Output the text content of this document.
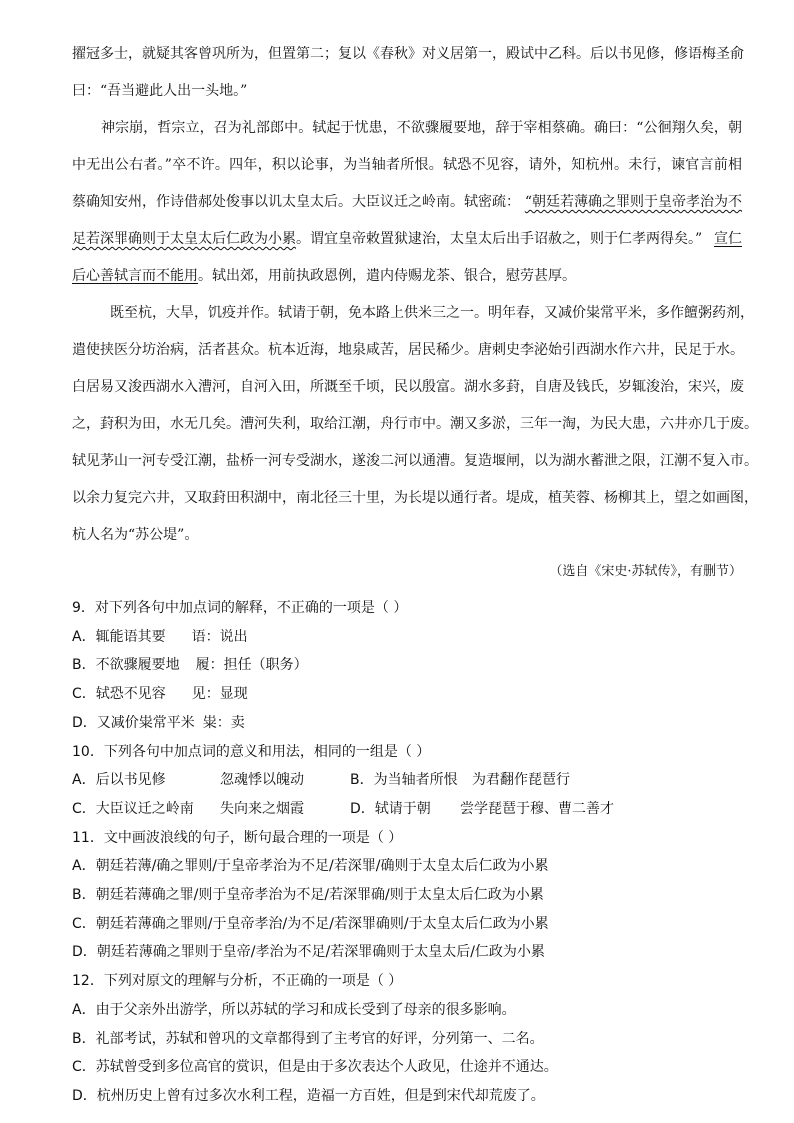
擢冠多士，就疑其客曾巩所为，但置第二；复以《春秋》对义居第一，殿试中乙科。后以书见修，修语梅圣俞
曰：“吾当避此人出一头地。”
神宗崩，哲宗立，召为礼部郎中。轼起于忧患，不欲骤履要地，辞于宰相蔡确。确曰：“公徊翔久矣，朝
中无出公右者。”卒不许。四年，积以论事，为当轴者所恨。轼恐不见容，请外，知杭州。未行，谏官言前相
蔡确知安州，作诗借郝处俊事以讥太皇太后。大臣议迁之岭南。轼密疏： “朝廷若薄确之罪则于皇帝孝治为不
足若深罪确则于太皇太后仁政为小累。谓宜皇帝敕置狱逮治，太皇太后出手诏赦之，则于仁孝两得矣。” 宣仁
后心善轼言而不能用。轼出郊，用前执政恩例，遣内侍赐龙茶、银合，慰劳甚厚。
既至杭，大旱，饥疫并作。轼请于朝，免本路上供米三之一。明年春，又减价粜常平米，多作饘粥药剂，
遣使挟医分坊治病，活者甚众。杭本近海，地泉咸苦，居民稀少。唐刺史李泌始引西湖水作六井，民足于水。
白居易又浚西湖水入漕河，自河入田，所溉至千顷，民以殷富。湖水多葑，自唐及钱氏，岁辄浚治，宋兴，废
之，葑积为田，水无几矣。漕河失利，取给江潮，舟行市中。潮又多淤，三年一淘，为民大患，六井亦几于废。
轼见茅山一河专受江潮，盐桥一河专受湖水，遂浚二河以通漕。复造堰闸，以为湖水蓄泄之限，江潮不复入市。
以余力复完六井，又取葑田积湖中，南北径三十里，为长堤以通行者。堤成，植芙蓉、杨柳其上，望之如画图，
杭人名为“苏公堤”。
（选自《宋史·苏轼传》，有删节）
9．对下列各句中加点词的解释，不正确的一项是（ ）
A．辄能语其要 语：说出
B．不欲骤履要地 履：担任（职务）
C．轼恐不见容 见：显现
D．又减价粜常平米 粜：卖
10．下列各句中加点词的意义和用法，相同的一组是（ ）
A．后以书见修	忽魂悸以魄动	B．为当轴者所恨 为君翻作琵琶行
C．大臣议迁之岭南 失向来之烟霞	D．轼请于朝 尝学琵琶于穆、曹二善才
11．文中画波浪线的句子，断句最合理的一项是（ ）
A．朝廷若薄/确之罪则/于皇帝孝治为不足/若深罪/确则于太皇太后仁政为小累
B．朝廷若薄确之罪/则于皇帝孝治为不足/若深罪确/则于太皇太后仁政为小累
C．朝廷若薄确之罪则/于皇帝孝治/为不足/若深罪确则/于太皇太后仁政为小累
D．朝廷若薄确之罪则于皇帝/孝治为不足/若深罪确则于太皇太后/仁政为小累
12．下列对原文的理解与分析，不正确的一项是（ ）
A．由于父亲外出游学，所以苏轼的学习和成长受到了母亲的很多影响。
B．礼部考试，苏轼和曾巩的文章都得到了主考官的好评，分列第一、二名。
C．苏轼曾受到多位高官的赏识，但是由于多次表达个人政见，仕途并不通达。
D．杭州历史上曾有过多次水利工程，造福一方百姓，但是到宋代却荒废了。
